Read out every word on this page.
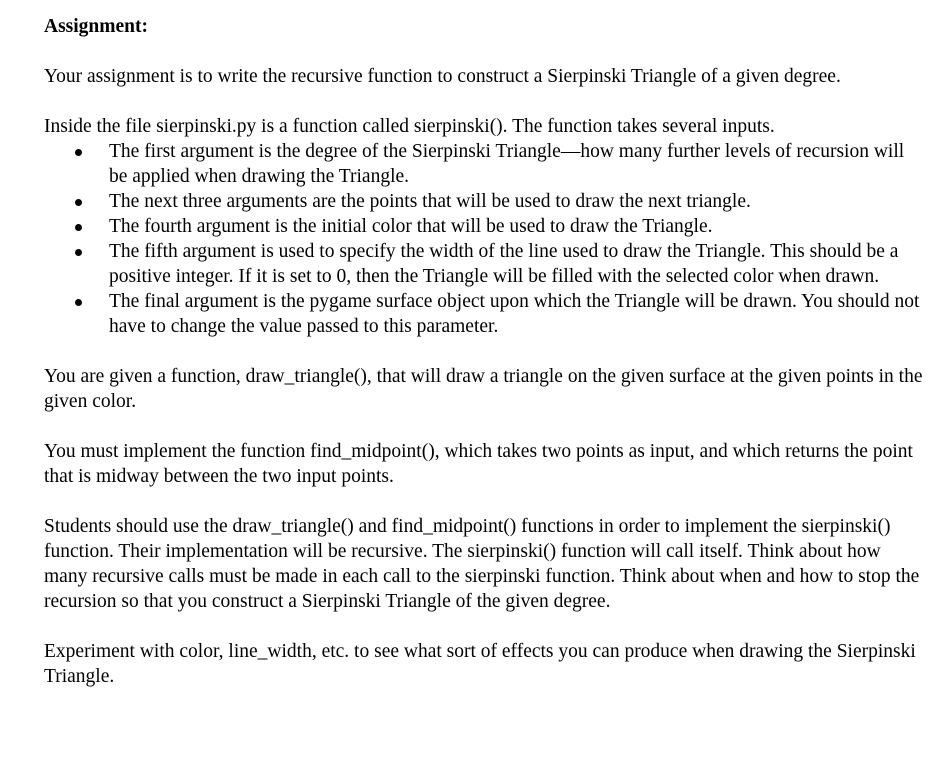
Assignment:

Your assignment is to write the recursive function to construct a Sierpinski Triangle of a given degree.

Inside the file sierpinski.py is a function called sierpinski(). The function takes several inputs.

The first argument is the degree of the Sierpinski Triangle—how many further levels of recursion will be applied when drawing the Triangle.
The next three arguments are the points that will be used to draw the next triangle.
The fourth argument is the initial color that will be used to draw the Triangle.
The fifth argument is used to specify the width of the line used to draw the Triangle. This should be a positive integer. If it is set to 0, then the Triangle will be filled with the selected color when drawn.
The final argument is the pygame surface object upon which the Triangle will be drawn. You should not have to change the value passed to this parameter.

You are given a function, draw_triangle(), that will draw a triangle on the given surface at the given points in the given color.

You must implement the function find_midpoint(), which takes two points as input, and which returns the point that is midway between the two input points.

Students should use the draw_triangle() and find_midpoint() functions in order to implement the sierpinski() function. Their implementation will be recursive. The sierpinski() function will call itself. Think about how many recursive calls must be made in each call to the sierpinski function. Think about when and how to stop the recursion so that you construct a Sierpinski Triangle of the given degree.

Experiment with color, line_width, etc. to see what sort of effects you can produce when drawing the Sierpinski Triangle.
